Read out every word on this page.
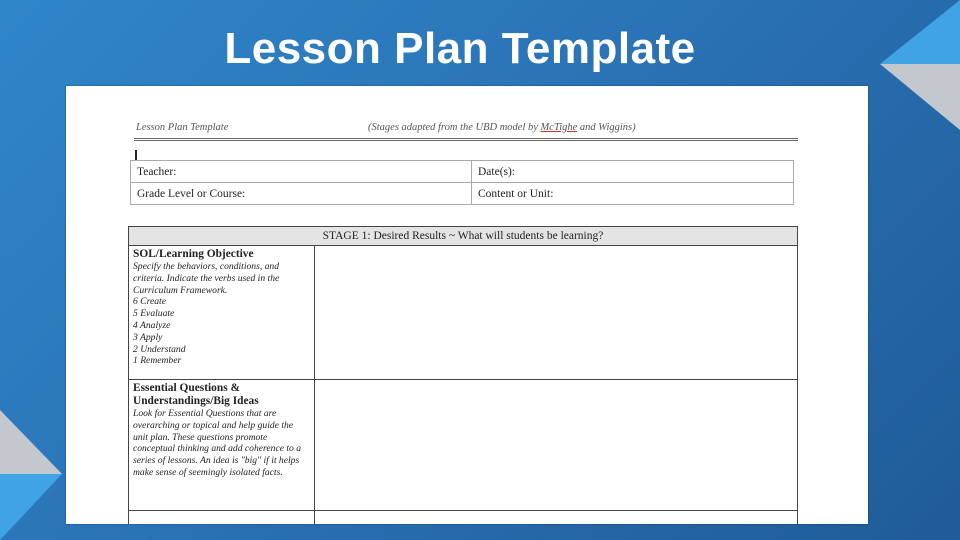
Lesson Plan Template
Lesson Plan Template	(Stages adapted from the UBD model by McTighe and Wiggins)
Teacher:	Date(s):
Grade Level or Course:	Content or Unit:
STAGE 1: Desired Results ~ What will students be learning?
SOL/Learning Objective
Specify the behaviors, conditions, and criteria. Indicate the verbs used in the Curriculum Framework.
6 Create
5 Evaluate
4 Analyze
3 Apply
2 Understand
1 Remember
Essential Questions & Understandings/Big Ideas
Look for Essential Questions that are overarching or topical and help guide the unit plan. These questions promote conceptual thinking and add coherence to a series of lessons. An idea is "big" if it helps make sense of seemingly isolated facts.
